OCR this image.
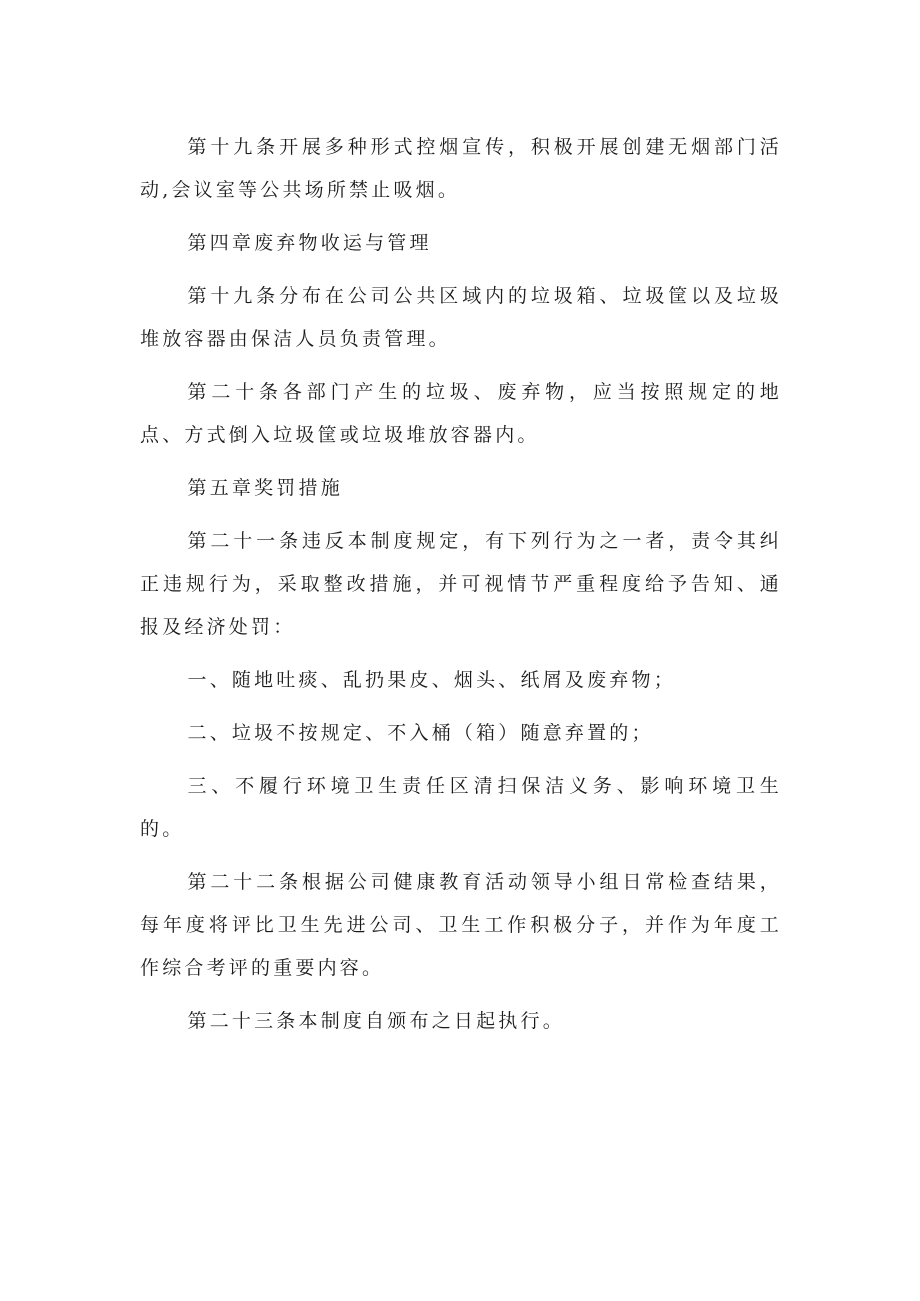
第十九条开展多种形式控烟宣传，积极开展创建无烟部门活动,会议室等公共场所禁止吸烟。

第四章废弃物收运与管理

第十九条分布在公司公共区域内的垃圾箱、垃圾筐以及垃圾堆放容器由保洁人员负责管理。

第二十条各部门产生的垃圾、废弃物，应当按照规定的地点、方式倒入垃圾筐或垃圾堆放容器内。

第五章奖罚措施

第二十一条违反本制度规定，有下列行为之一者，责令其纠正违规行为，采取整改措施，并可视情节严重程度给予告知、通报及经济处罚：

一、随地吐痰、乱扔果皮、烟头、纸屑及废弃物；

二、垃圾不按规定、不入桶（箱）随意弃置的；

三、不履行环境卫生责任区清扫保洁义务、影响环境卫生的。

第二十二条根据公司健康教育活动领导小组日常检查结果，每年度将评比卫生先进公司、卫生工作积极分子，并作为年度工作综合考评的重要内容。

第二十三条本制度自颁布之日起执行。
